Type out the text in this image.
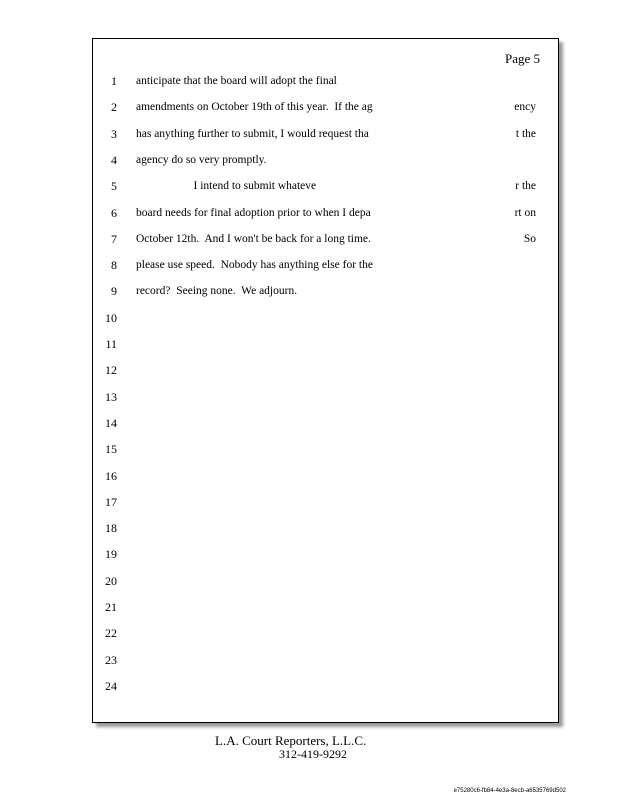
Page 5
1 anticipate that the board will adopt the final
2 amendments on October 19th of this year.  If the ag	ency
3 has anything further to submit, I would request tha	t the
4 agency do so very promptly.
5 I intend to submit whateve	r the
6 board needs for final adoption prior to when I depa	rt on
7 October 12th.  And I won't be back for a long time.	So
8 please use speed.  Nobody has anything else for the
9 record?  Seeing none.  We adjourn.
10
11
12
13
14
15
16
17
18
19
20
21
22
23
24
L.A. Court Reporters, L.L.C.
312-419-9292
e75280c6-fb84-4e3a-8ecb-a6535769d502
